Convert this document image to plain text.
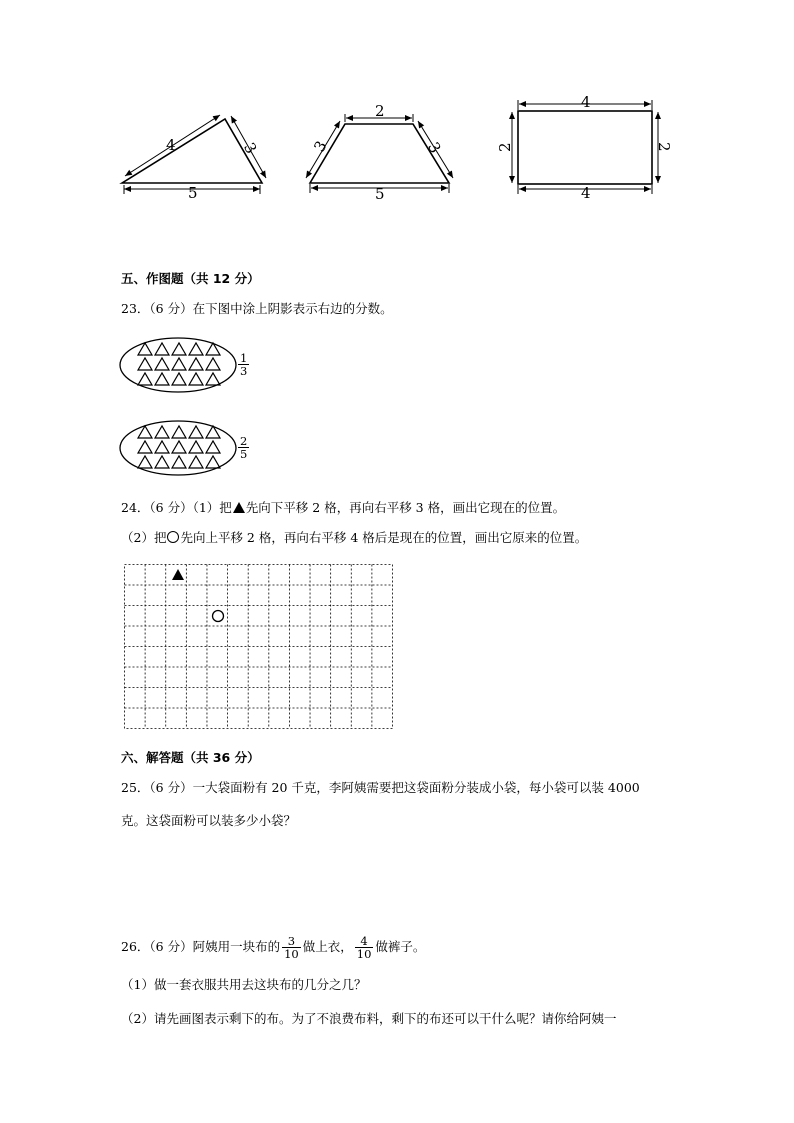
4	3
5
2
3	3
5
4
2	2
4
五、作图题（共 12 分）
23．（6 分）在下图中涂上阴影表示右边的分数。
$\frac{1}{3}$
$\frac{2}{5}$
24．（6 分）（1）把 先向下平移 2 格，再向右平移 3 格，画出它现在的位置。
（2）把 先向上平移 2 格，再向右平移 4 格后是现在的位置，画出它原来的位置。
六、解答题（共 36 分）
25．（6 分）一大袋面粉有 20 千克，李阿姨需要把这袋面粉分装成小袋，每小袋可以装 4000
克。这袋面粉可以装多少小袋？
26．（6 分）阿姨用一块布的 $\frac{3}{10}$ 做上衣， $\frac{4}{10}$ 做裤子。
（1）做一套衣服共用去这块布的几分之几？
（2）请先画图表示剩下的布。为了不浪费布料，剩下的布还可以干什么呢？请你给阿姨一
